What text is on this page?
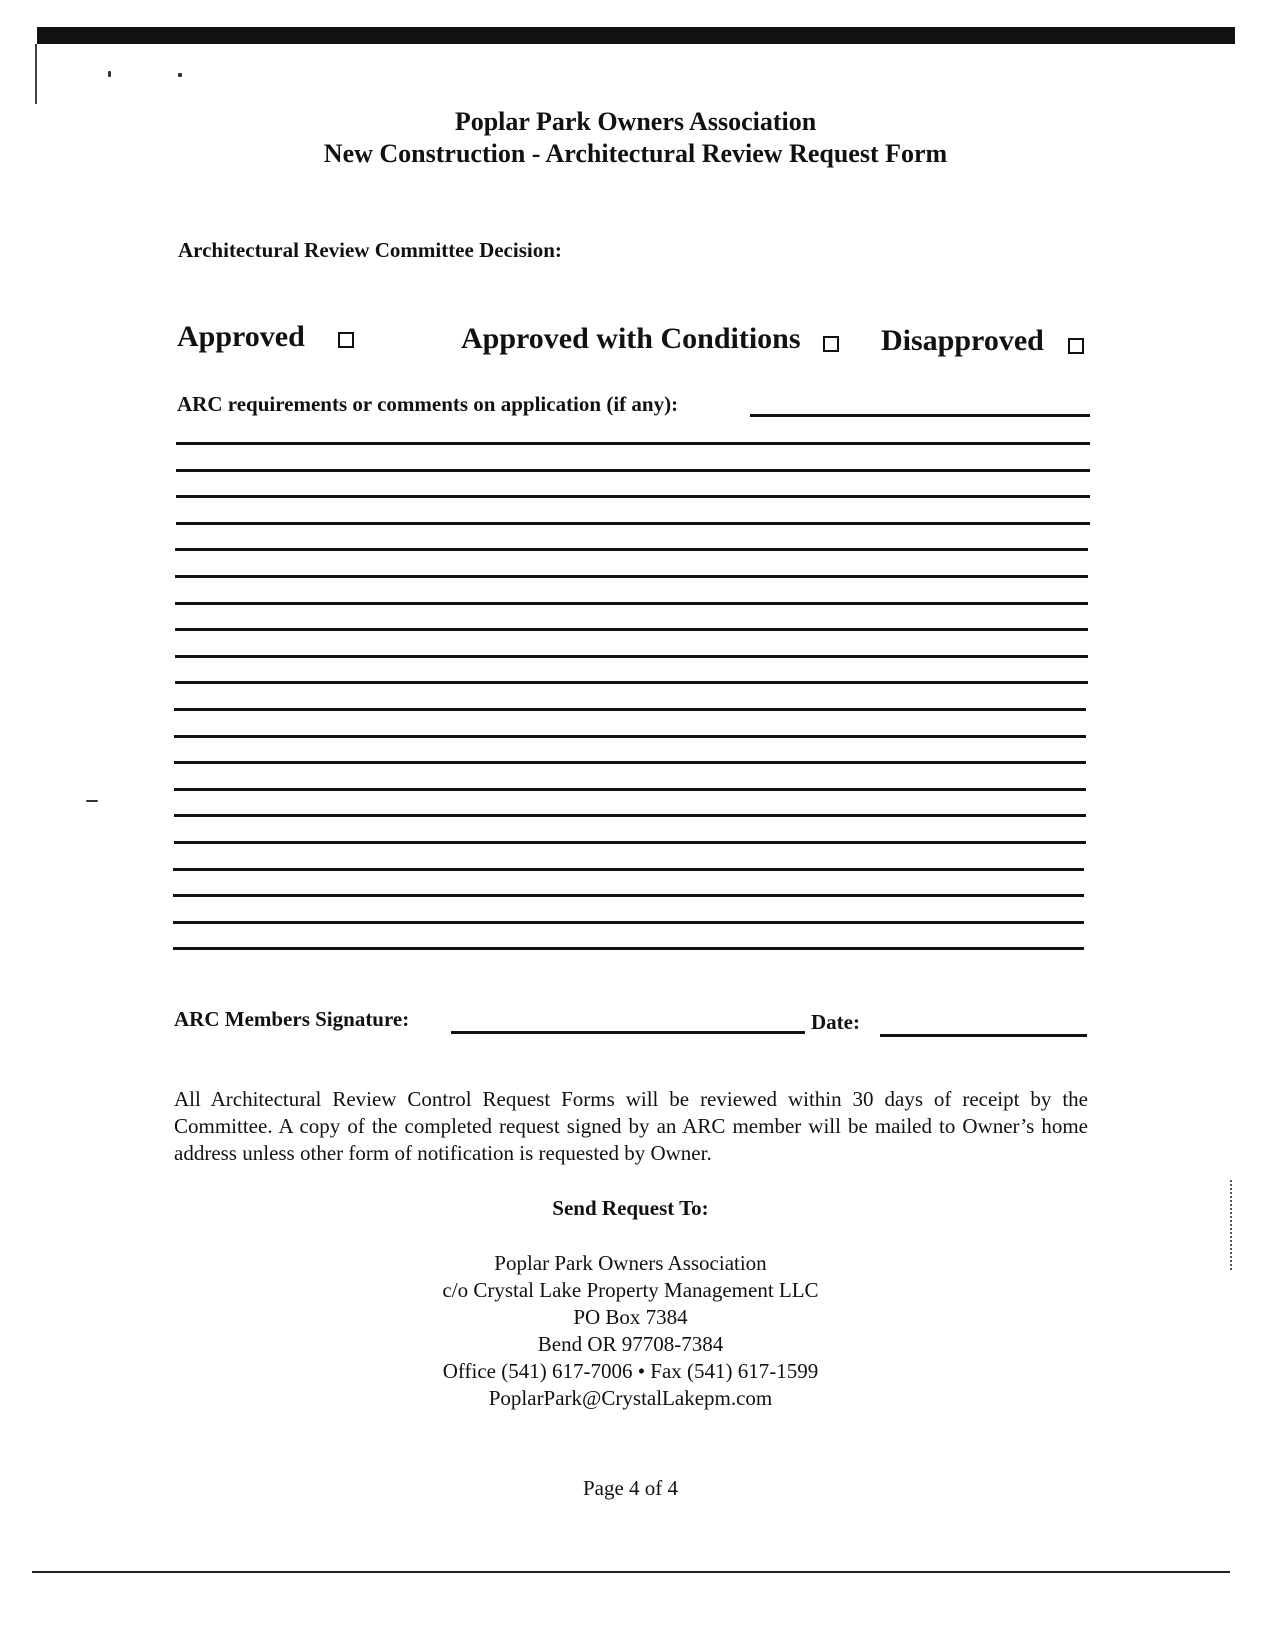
Poplar Park Owners Association
New Construction - Architectural Review Request Form
Architectural Review Committee Decision:
Approved	Approved with Conditions	Disapproved
ARC requirements or comments on application (if any):
ARC Members Signature:	Date:
All Architectural Review Control Request Forms will be reviewed within 30 days of receipt by the Committee. A copy of the completed request signed by an ARC member will be mailed to Owner’s home address unless other form of notification is requested by Owner.
Send Request To:
Poplar Park Owners Association
c/o Crystal Lake Property Management LLC
PO Box 7384
Bend OR 97708-7384
Office (541) 617-7006 • Fax (541) 617-1599
PoplarPark@CrystalLakepm.com
Page 4 of 4
